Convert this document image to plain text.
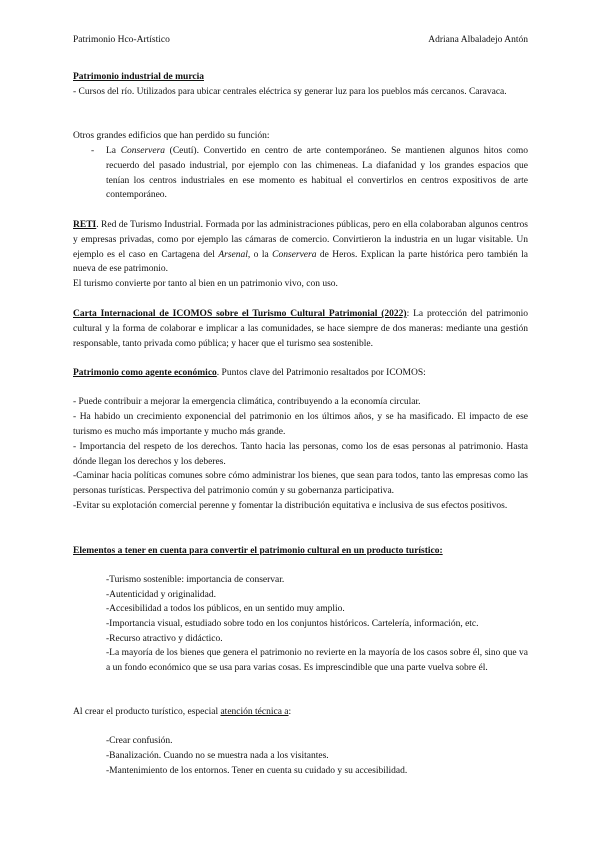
Patrimonio Hco-Artístico	Adriana Albaladejo Antón
Patrimonio industrial de murcia
- Cursos del río. Utilizados para ubicar centrales eléctrica sy generar luz para los pueblos más cercanos. Caravaca.
Otros grandes edificios que han perdido su función:
- La Conservera (Ceutí). Convertido en centro de arte contemporáneo. Se mantienen algunos hitos como recuerdo del pasado industrial, por ejemplo con las chimeneas. La diafanidad y los grandes espacios que tenían los centros industriales en ese momento es habitual el convertirlos en centros expositivos de arte contemporáneo.
RETI. Red de Turismo Industrial. Formada por las administraciones públicas, pero en ella colaboraban algunos centros y empresas privadas, como por ejemplo las cámaras de comercio. Convirtieron la industria en un lugar visitable. Un ejemplo es el caso en Cartagena del Arsenal, o la Conservera de Heros. Explican la parte histórica pero también la nueva de ese patrimonio.
El turismo convierte por tanto al bien en un patrimonio vivo, con uso.
Carta Internacional de ICOMOS sobre el Turismo Cultural Patrimonial (2022): La protección del patrimonio cultural y la forma de colaborar e implicar a las comunidades, se hace siempre de dos maneras: mediante una gestión responsable, tanto privada como pública; y hacer que el turismo sea sostenible.
Patrimonio como agente económico. Puntos clave del Patrimonio resaltados por ICOMOS:
- Puede contribuir a mejorar la emergencia climática, contribuyendo a la economía circular.
- Ha habido un crecimiento exponencial del patrimonio en los últimos años, y se ha masificado. El impacto de ese turismo es mucho más importante y mucho más grande.
- Importancia del respeto de los derechos. Tanto hacia las personas, como los de esas personas al patrimonio. Hasta dónde llegan los derechos y los deberes.
-Caminar hacia políticas comunes sobre cómo administrar los bienes, que sean para todos, tanto las empresas como las personas turísticas. Perspectiva del patrimonio común y su gobernanza participativa.
-Evitar su explotación comercial perenne y fomentar la distribución equitativa e inclusiva de sus efectos positivos.
Elementos a tener en cuenta para convertir el patrimonio cultural en un producto turístico:
-Turismo sostenible: importancia de conservar.
-Autenticidad y originalidad.
-Accesibilidad a todos los públicos, en un sentido muy amplio.
-Importancia visual, estudiado sobre todo en los conjuntos históricos. Cartelería, información, etc.
-Recurso atractivo y didáctico.
-La mayoría de los bienes que genera el patrimonio no revierte en la mayoría de los casos sobre él, sino que va a un fondo económico que se usa para varias cosas. Es imprescindible que una parte vuelva sobre él.
Al crear el producto turístico, especial atención técnica a:
-Crear confusión.
-Banalización. Cuando no se muestra nada a los visitantes.
-Mantenimiento de los entornos. Tener en cuenta su cuidado y su accesibilidad.
